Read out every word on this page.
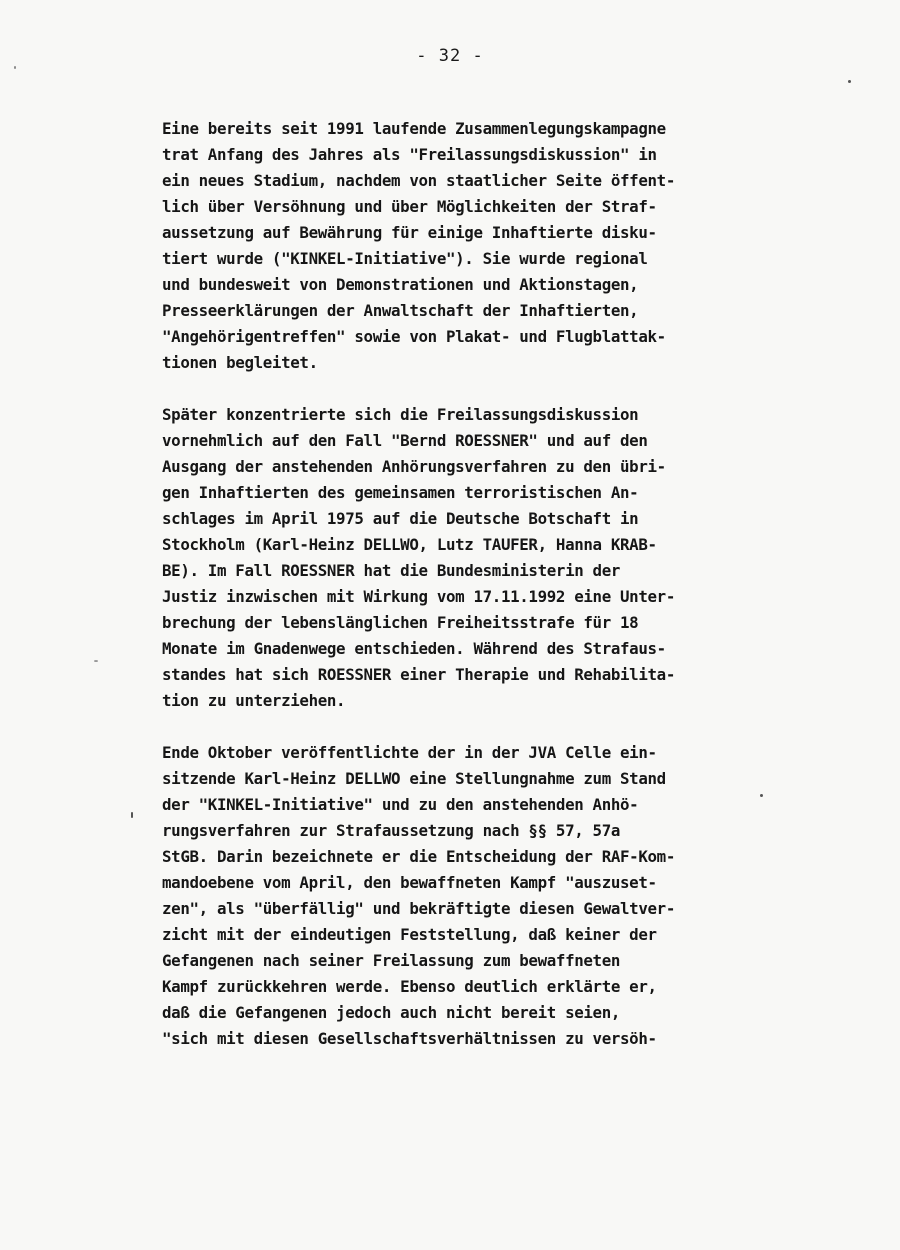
- 32 -
Eine bereits seit 1991 laufende Zusammenlegungskampagne
trat Anfang des Jahres als "Freilassungsdiskussion" in
ein neues Stadium, nachdem von staatlicher Seite öffent-
lich über Versöhnung und über Möglichkeiten der Straf-
aussetzung auf Bewährung für einige Inhaftierte disku-
tiert wurde ("KINKEL-Initiative"). Sie wurde regional
und bundesweit von Demonstrationen und Aktionstagen,
Presseerklärungen der Anwaltschaft der Inhaftierten,
"Angehörigentreffen" sowie von Plakat- und Flugblattak-
tionen begleitet.
Später konzentrierte sich die Freilassungsdiskussion
vornehmlich auf den Fall "Bernd ROESSNER" und auf den
Ausgang der anstehenden Anhörungsverfahren zu den übri-
gen Inhaftierten des gemeinsamen terroristischen An-
schlages im April 1975 auf die Deutsche Botschaft in
Stockholm (Karl-Heinz DELLWO, Lutz TAUFER, Hanna KRAB-
BE). Im Fall ROESSNER hat die Bundesministerin der
Justiz inzwischen mit Wirkung vom 17.11.1992 eine Unter-
brechung der lebenslänglichen Freiheitsstrafe für 18
Monate im Gnadenwege entschieden. Während des Strafaus-
standes hat sich ROESSNER einer Therapie und Rehabilita-
tion zu unterziehen.
Ende Oktober veröffentlichte der in der JVA Celle ein-
sitzende Karl-Heinz DELLWO eine Stellungnahme zum Stand
der "KINKEL-Initiative" und zu den anstehenden Anhö-
rungsverfahren zur Strafaussetzung nach §§ 57, 57a
StGB. Darin bezeichnete er die Entscheidung der RAF-Kom-
mandoebene vom April, den bewaffneten Kampf "auszuset-
zen", als "überfällig" und bekräftigte diesen Gewaltver-
zicht mit der eindeutigen Feststellung, daß keiner der
Gefangenen nach seiner Freilassung zum bewaffneten
Kampf zurückkehren werde. Ebenso deutlich erklärte er,
daß die Gefangenen jedoch auch nicht bereit seien,
"sich mit diesen Gesellschaftsverhältnissen zu versöh-
